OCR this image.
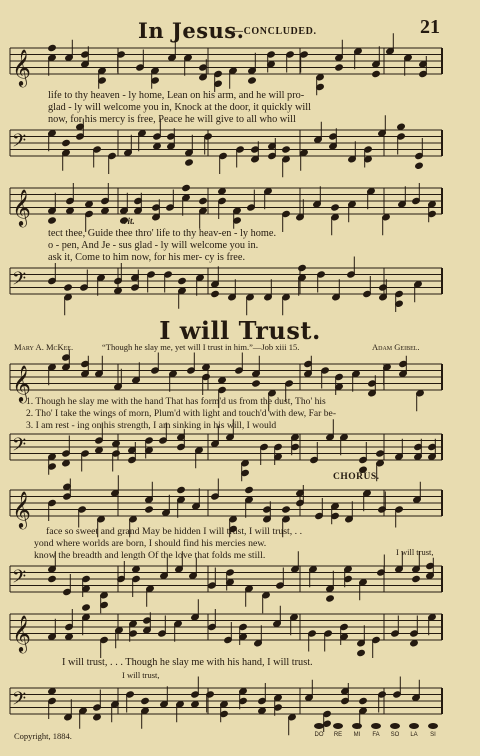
𝄞
𝄢
𝄞
𝄢
𝄞
𝄢
𝄞
𝄢
𝄞
𝄢
In Jesus.
—CONCLUDED.	21
life to thy heaven - ly home, Lean on his arm, and he will pro-
glad - ly will welcome you in, Knock at the door, it quickly will
now, for his mercy is free, Peace he will give to all who will
rit.
tect thee, Guide thee thro' life to thy heav-en - ly home.
o - pen, And Je - sus glad - ly will welcome you in.
ask it, Come to him now, for his mer- cy is free.
I will Trust.
Mary A. McKee.	“Though he slay me, yet will I trust in him.”—Job xiii 15.	Adam Geibel.
1. Though he slay me with the hand That has form'd us from the dust, Tho' his
2. Tho' I take the wings of morn, Plum'd with light and touch'd with dew, Far be-
3. I am rest - ing on his strength, I am sinking in his will, I would
CHORUS.
face so sweet and grand May be hidden I will trust, I will trust, . .
yond where worlds are born, I should find his mercies new.
know the breadth and length Of the love that folds me still.	I will trust,
I will trust, . . . Though he slay me with his hand, I will trust.
I will trust,
Copyright, 1884.	DO	RE	MI	FA	SO	LA	SI
